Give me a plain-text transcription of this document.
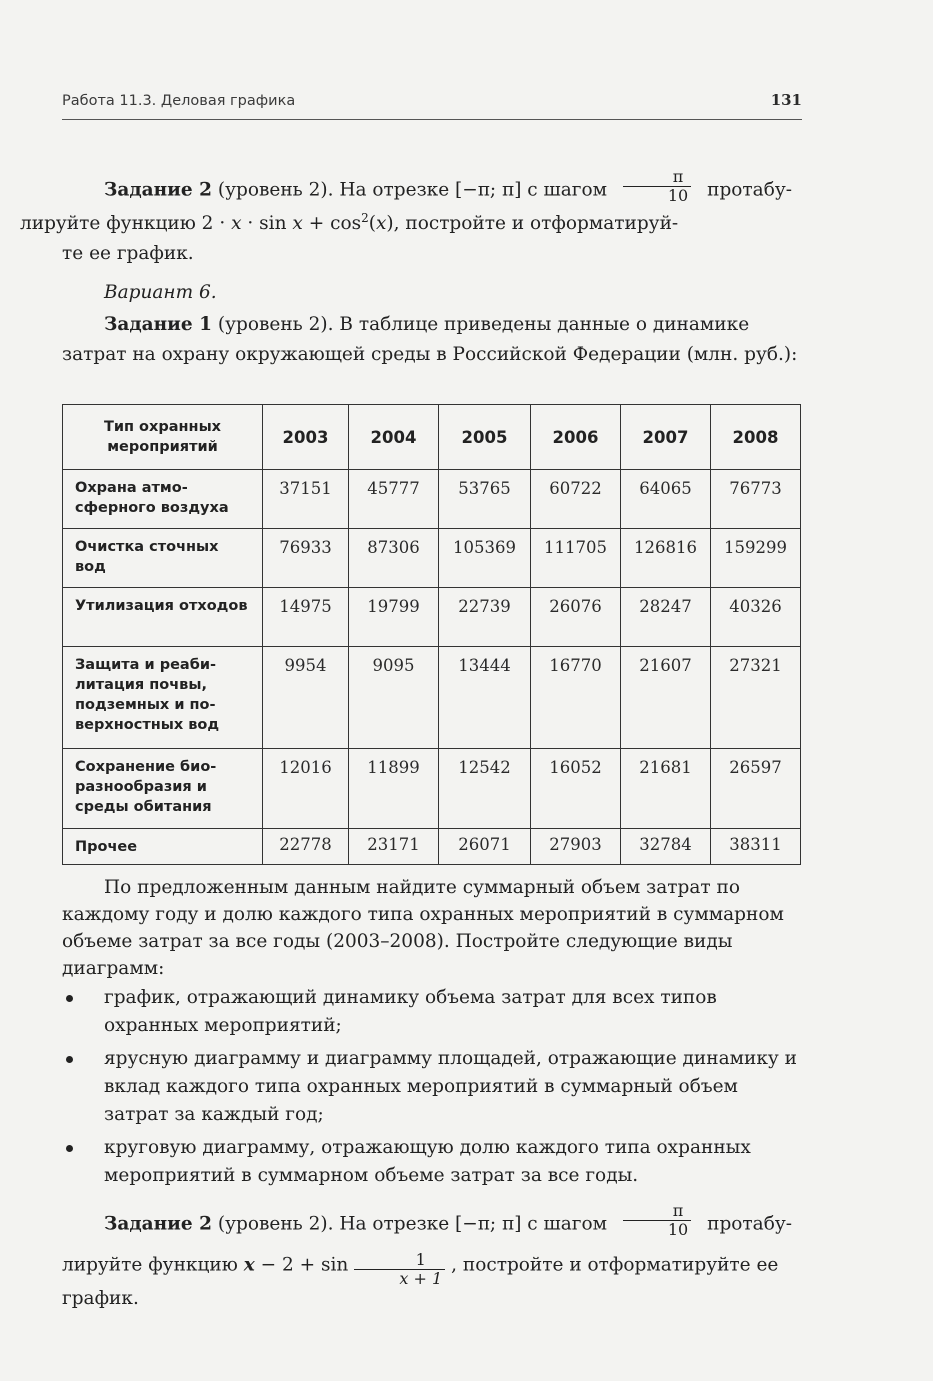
Работа 11.3. Деловая графика	131
Задание 2 (уровень 2). На отрезке [−π; π] с шагом $\frac{\pi}{10}$ протабу-
лируйте функцию $2 \cdot x \cdot \sin x + \cos^2(x)$, постройте и отформатируй-
те ее график.
Вариант 6.
Задание 1 (уровень 2). В таблице приведены данные о динамике затрат на охрану окружающей среды в Российской Федерации (млн. руб.):
Тип охранных мероприятий	2003	2004	2005	2006	2007	2008
Охрана атмосферного воздуха	37151	45777	53765	60722	64065	76773
Очистка сточных вод	76933	87306	105369	111705	126816	159299
Утилизация отходов	14975	19799	22739	26076	28247	40326
Защита и реабилитация почвы, подземных и поверхностных вод	9954	9095	13444	16770	21607	27321
Сохранение биоразнообразия и среды обитания	12016	11899	12542	16052	21681	26597
Прочее	22778	23171	26071	27903	32784	38311
По предложенным данным найдите суммарный объем затрат по каждому году и долю каждого типа охранных мероприятий в суммарном объеме затрат за все годы (2003–2008). Постройте следующие виды диаграмм:
график, отражающий динамику объема затрат для всех типов охранных мероприятий;
ярусную диаграмму и диаграмму площадей, отражающие динамику и вклад каждого типа охранных мероприятий в суммарный объем затрат за каждый год;
круговую диаграмму, отражающую долю каждого типа охранных мероприятий в суммарном объеме затрат за все годы.
Задание 2 (уровень 2). На отрезке [−π; π] с шагом $\frac{\pi}{10}$ протабу-
лируйте функцию $x - 2 + \sin \frac{1}{x + 1}$ , постройте и отформатируйте ее
график.
